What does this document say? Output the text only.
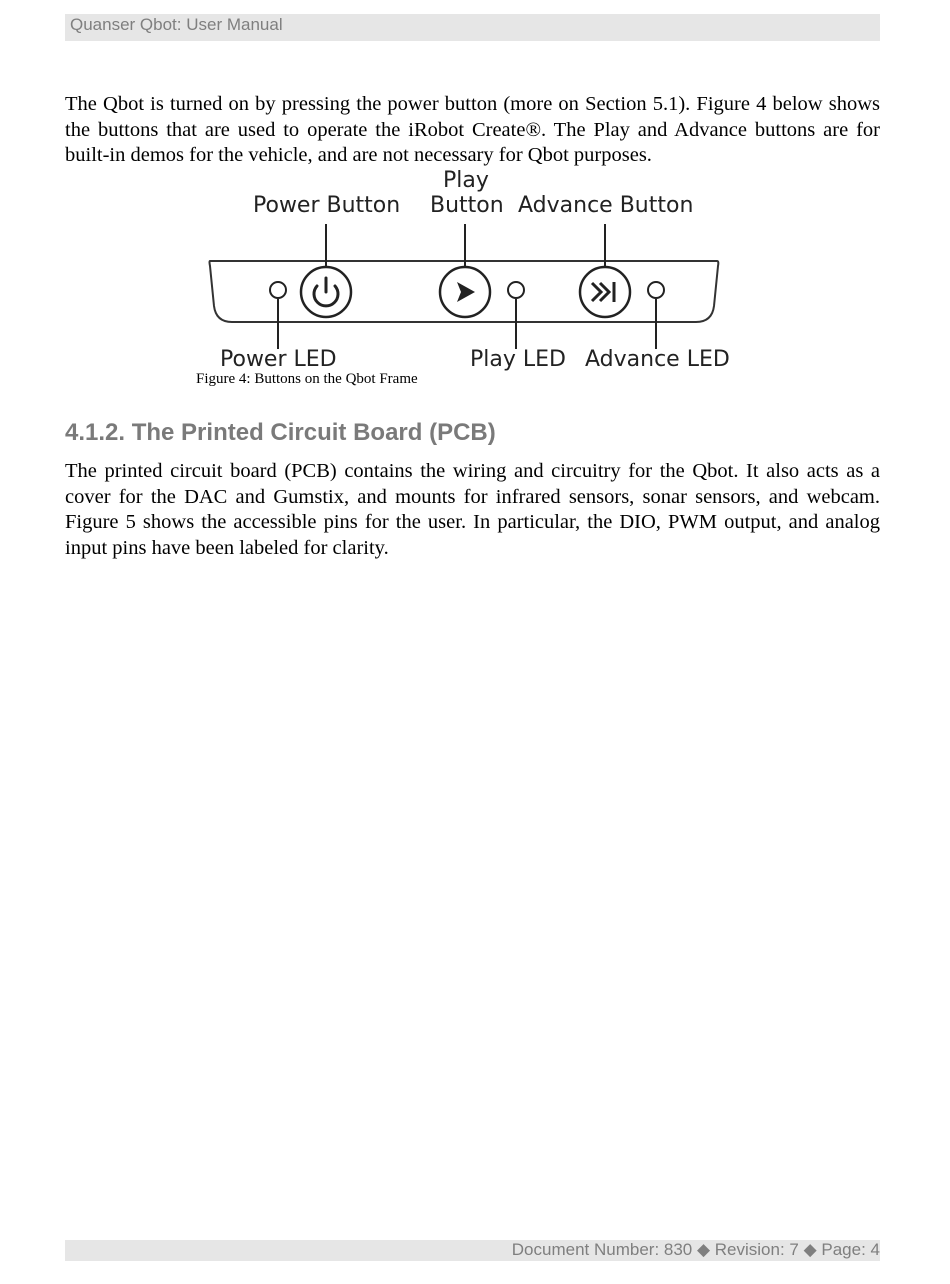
Quanser Qbot: User Manual

The Qbot is turned on by pressing the power button (more on Section 5.1). Figure 4 below shows the buttons that are used to operate the iRobot Create®. The Play and Advance buttons are for built-in demos for the vehicle, and are not necessary for Qbot purposes.

Power Button
Play
Button Advance Button
Power LED	Play LED Advance LED
Figure 4: Buttons on the Qbot Frame
4.1.2. The Printed Circuit Board (PCB)

The printed circuit board (PCB) contains the wiring and circuitry for the Qbot. It also acts as a cover for the DAC and Gumstix, and mounts for infrared sensors, sonar sensors, and webcam. Figure 5 shows the accessible pins for the user. In particular, the DIO, PWM output, and analog input pins have been labeled for clarity.

Document Number: 830 ◆ Revision: 7 ◆ Page: 4
